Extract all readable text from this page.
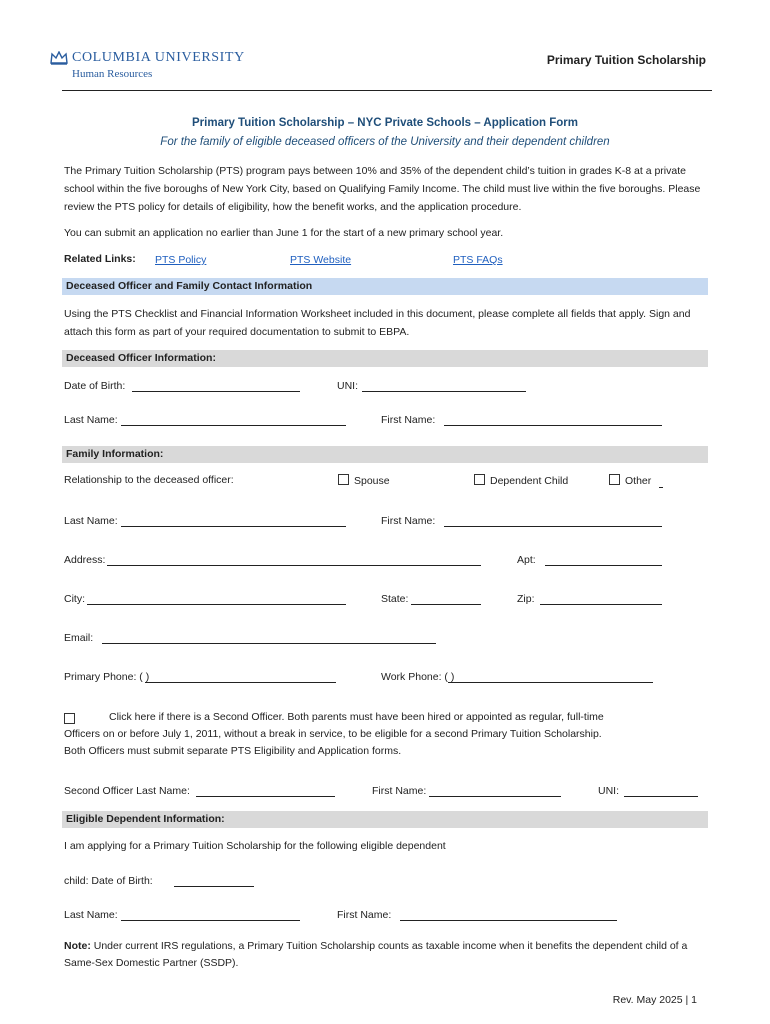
COLUMBIA UNIVERSITY
Human Resources
Primary Tuition Scholarship
Primary Tuition Scholarship – NYC Private Schools – Application Form
For the family of eligible deceased officers of the University and their dependent children
The Primary Tuition Scholarship (PTS) program pays between 10% and 35% of the dependent child’s tuition in grades K-8 at a private school within the five boroughs of New York City, based on Qualifying Family Income. The child must live within the five boroughs. Please review the PTS policy for details of eligibility, how the benefit works, and the application procedure.
You can submit an application no earlier than June 1 for the start of a new primary school year.
Related Links: PTS Policy	PTS Website	PTS FAQs
Deceased Officer and Family Contact Information
Using the PTS Checklist and Financial Information Worksheet included in this document, please complete all fields that apply. Sign and attach this form as part of your required documentation to submit to EBPA.
Deceased Officer Information:
Date of Birth:	UNI:
Last Name:	First Name:
Family Information:
Relationship to the deceased officer:	Spouse	Dependent Child	Other
Last Name:	First Name:
Address:	Apt:
City:	State:	Zip:
Email:
Primary Phone: ( )	Work Phone: ( )
Click here if there is a Second Officer. Both parents must have been hired or appointed as regular, full-time
Officers on or before July 1, 2011, without a break in service, to be eligible for a second Primary Tuition Scholarship.
Both Officers must submit separate PTS Eligibility and Application forms.
Second Officer Last Name:	First Name:	UNI:
Eligible Dependent Information:
I am applying for a Primary Tuition Scholarship for the following eligible dependent
child: Date of Birth:
Last Name:	First Name:
Note: Under current IRS regulations, a Primary Tuition Scholarship counts as taxable income when it benefits the dependent child of a Same-Sex Domestic Partner (SSDP).
Rev. May 2025 | 1
